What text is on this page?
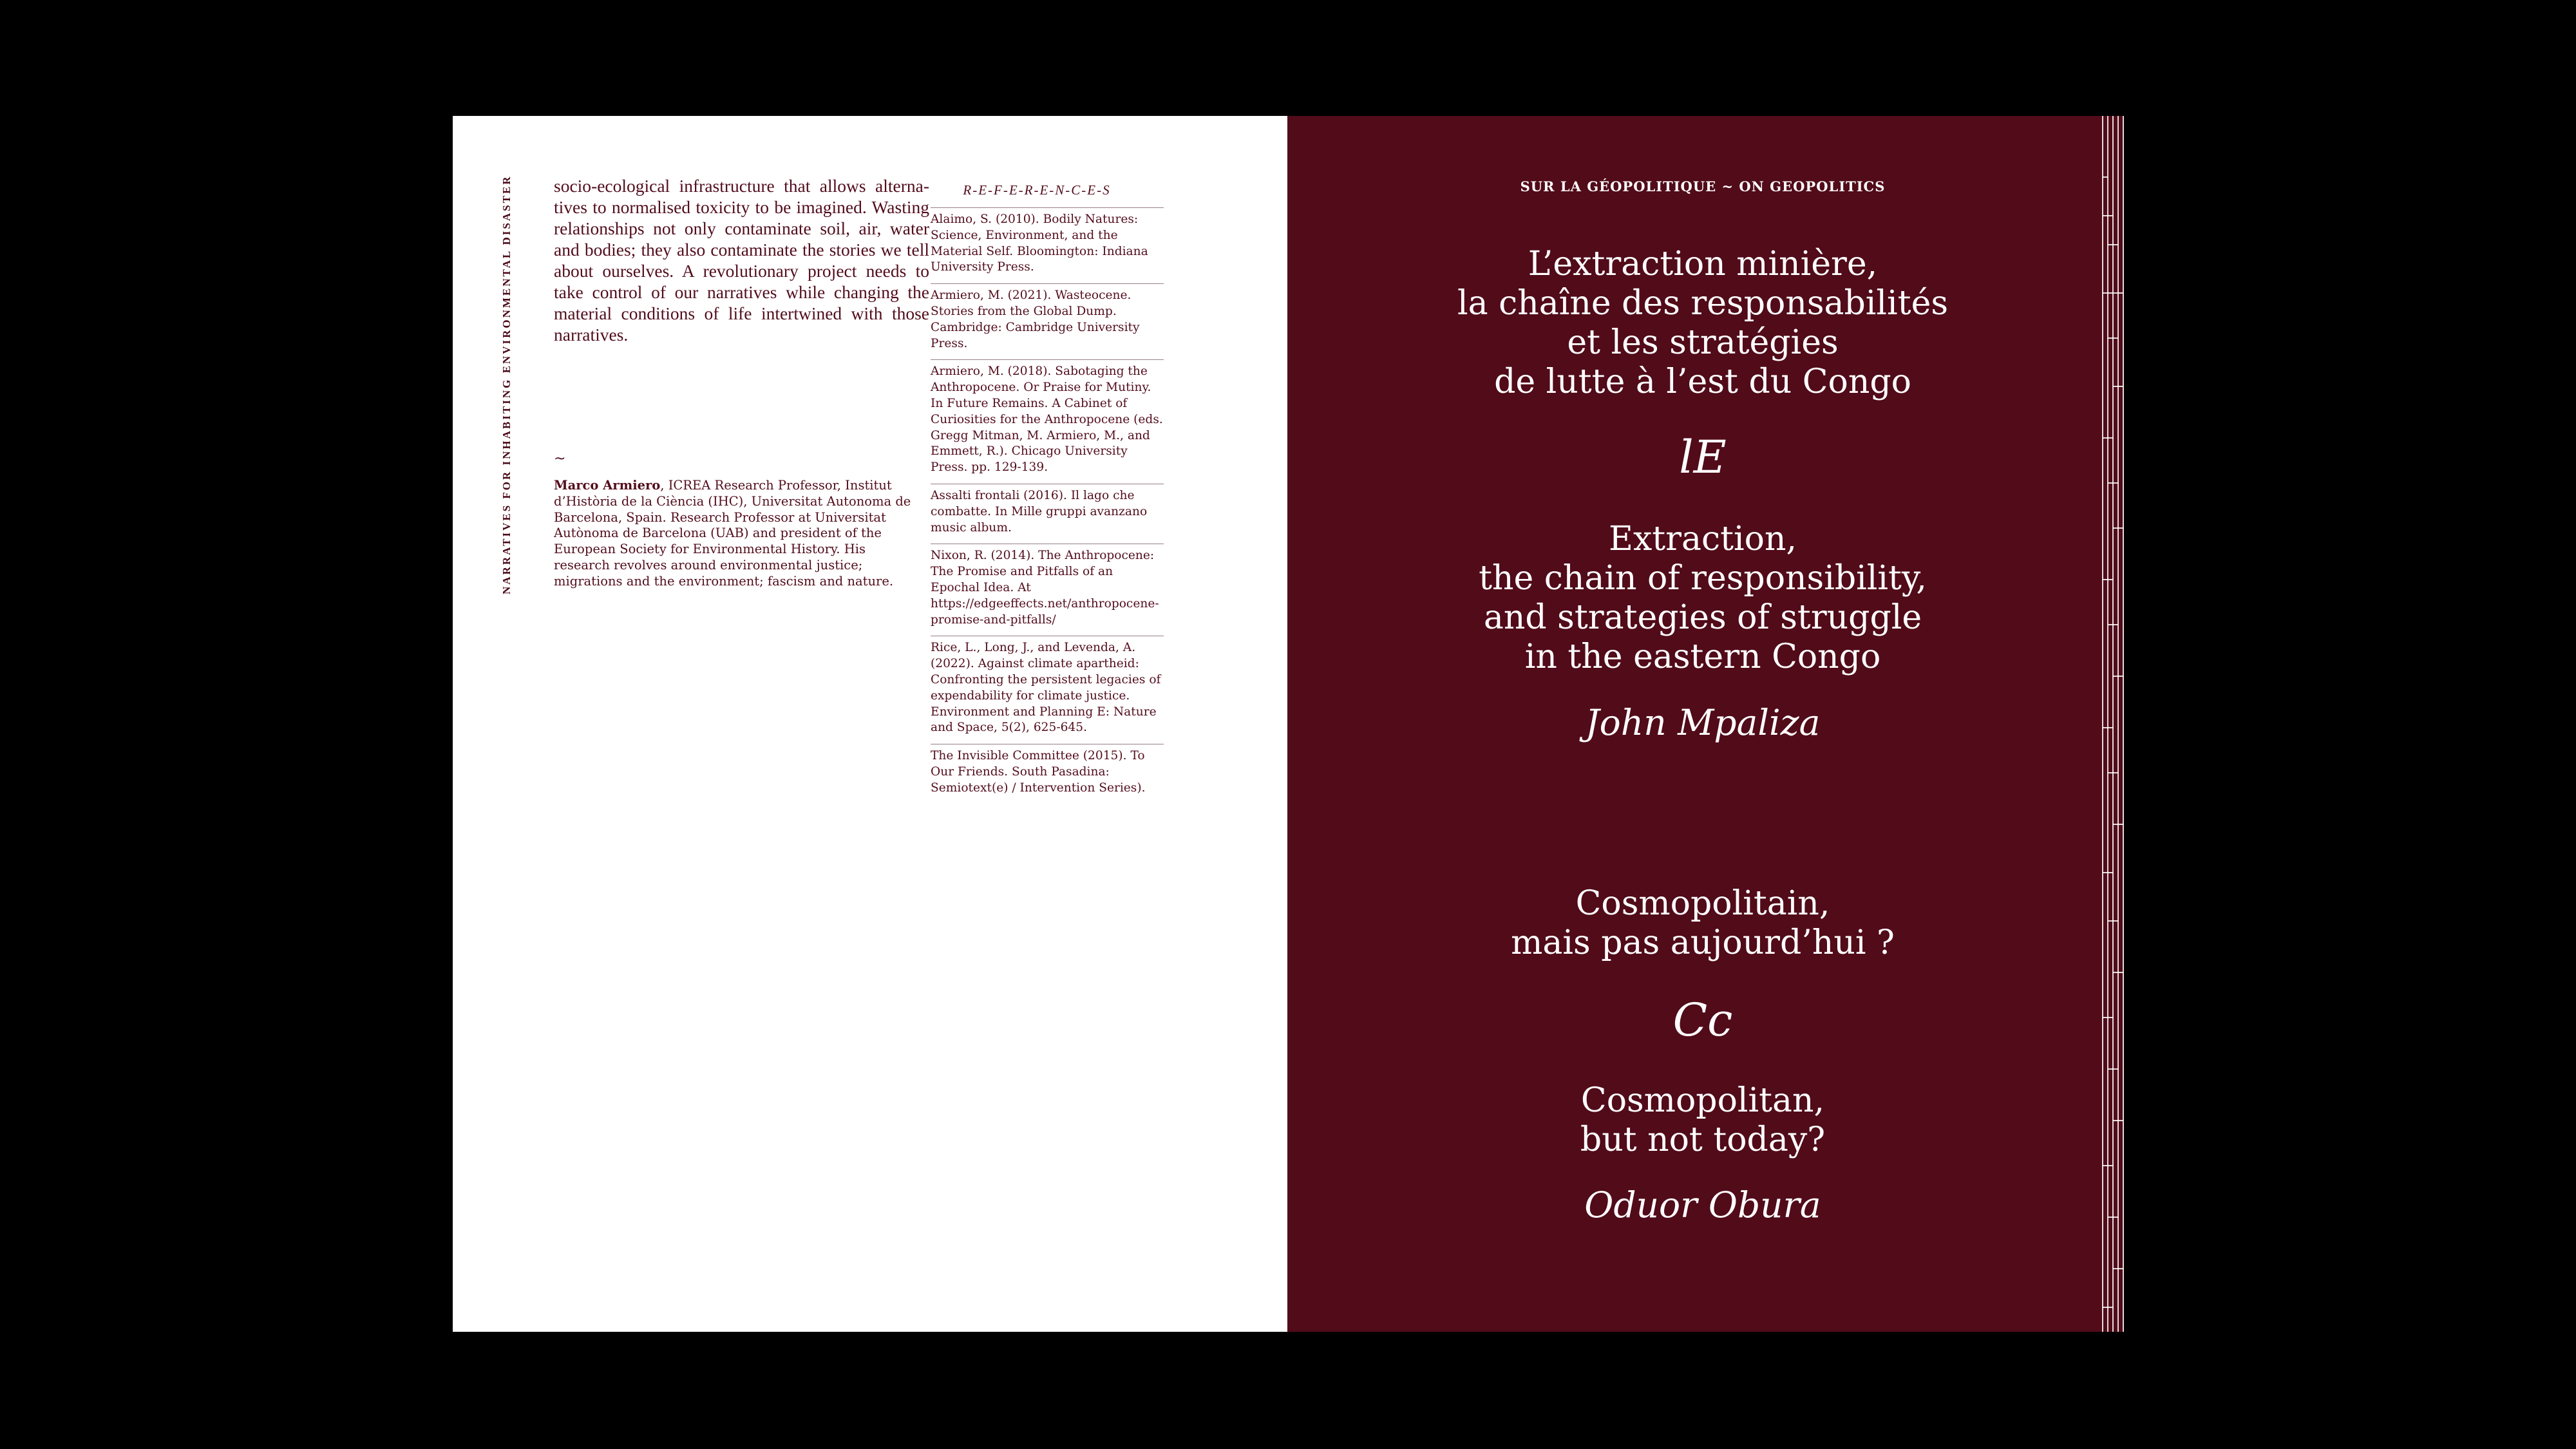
NARRATIVES FOR INHABITING ENVIRONMENTAL DISASTER	socio-ecological infrastructure that allows alterna-tives to normalised toxicity to be imagined. Wasting relationships not only contaminate soil, air, water and bodies; they also contaminate the stories we tell about ourselves. A revolutionary project needs to take control of our narratives while changing the material conditions of life intertwined with those narratives.

~

Marco Armiero, ICREA Research Professor, Institut d’Història de la Ciència (IHC), Universitat Autonoma de Barcelona, Spain. Research Professor at Universitat Autònoma de Barcelona (UAB) and president of the European Society for Environmental History. His research revolves around environmental justice; migrations and the environment; fascism and nature.

R-E-F-E-R-E-N-C-E-S
Alaimo, S. (2010). Bodily Natures: Science, Environment, and the Material Self. Bloomington: Indiana University Press.
Armiero, M. (2021). Wasteocene. Stories from the Global Dump. Cambridge: Cambridge University Press.
Armiero, M. (2018). Sabotaging the Anthropocene. Or Praise for Mutiny. In Future Remains. A Cabinet of Curiosities for the Anthropocene (eds. Gregg Mitman, M. Armiero, M., and Emmett, R.). Chicago University Press. pp. 129-139.
Assalti frontali (2016). Il lago che combatte. In Mille gruppi avanzano music album.
Nixon, R. (2014). The Anthropocene: The Promise and Pitfalls of an Epochal Idea. At https://edgeeffects.net/anthropocene-promise-and-pitfalls/
Rice, L., Long, J., and Levenda, A. (2022). Against climate apartheid: Confronting the persistent legacies of expendability for climate justice. Environment and Planning E: Nature and Space, 5(2), 625-645.
The Invisible Committee (2015). To Our Friends. South Pasadina: Semiotext(e) / Intervention Series).
SUR LA GÉOPOLITIQUE ~ ON GEOPOLITICS
L’extraction minière,
la chaîne des responsabilités
et les stratégies
de lutte à l’est du Congo
lE
Extraction,
the chain of responsibility,
and strategies of struggle
in the eastern Congo
John Mpaliza
Cosmopolitain,
mais pas aujourd’hui ?
Cc
Cosmopolitan,
but not today?
Oduor Obura
